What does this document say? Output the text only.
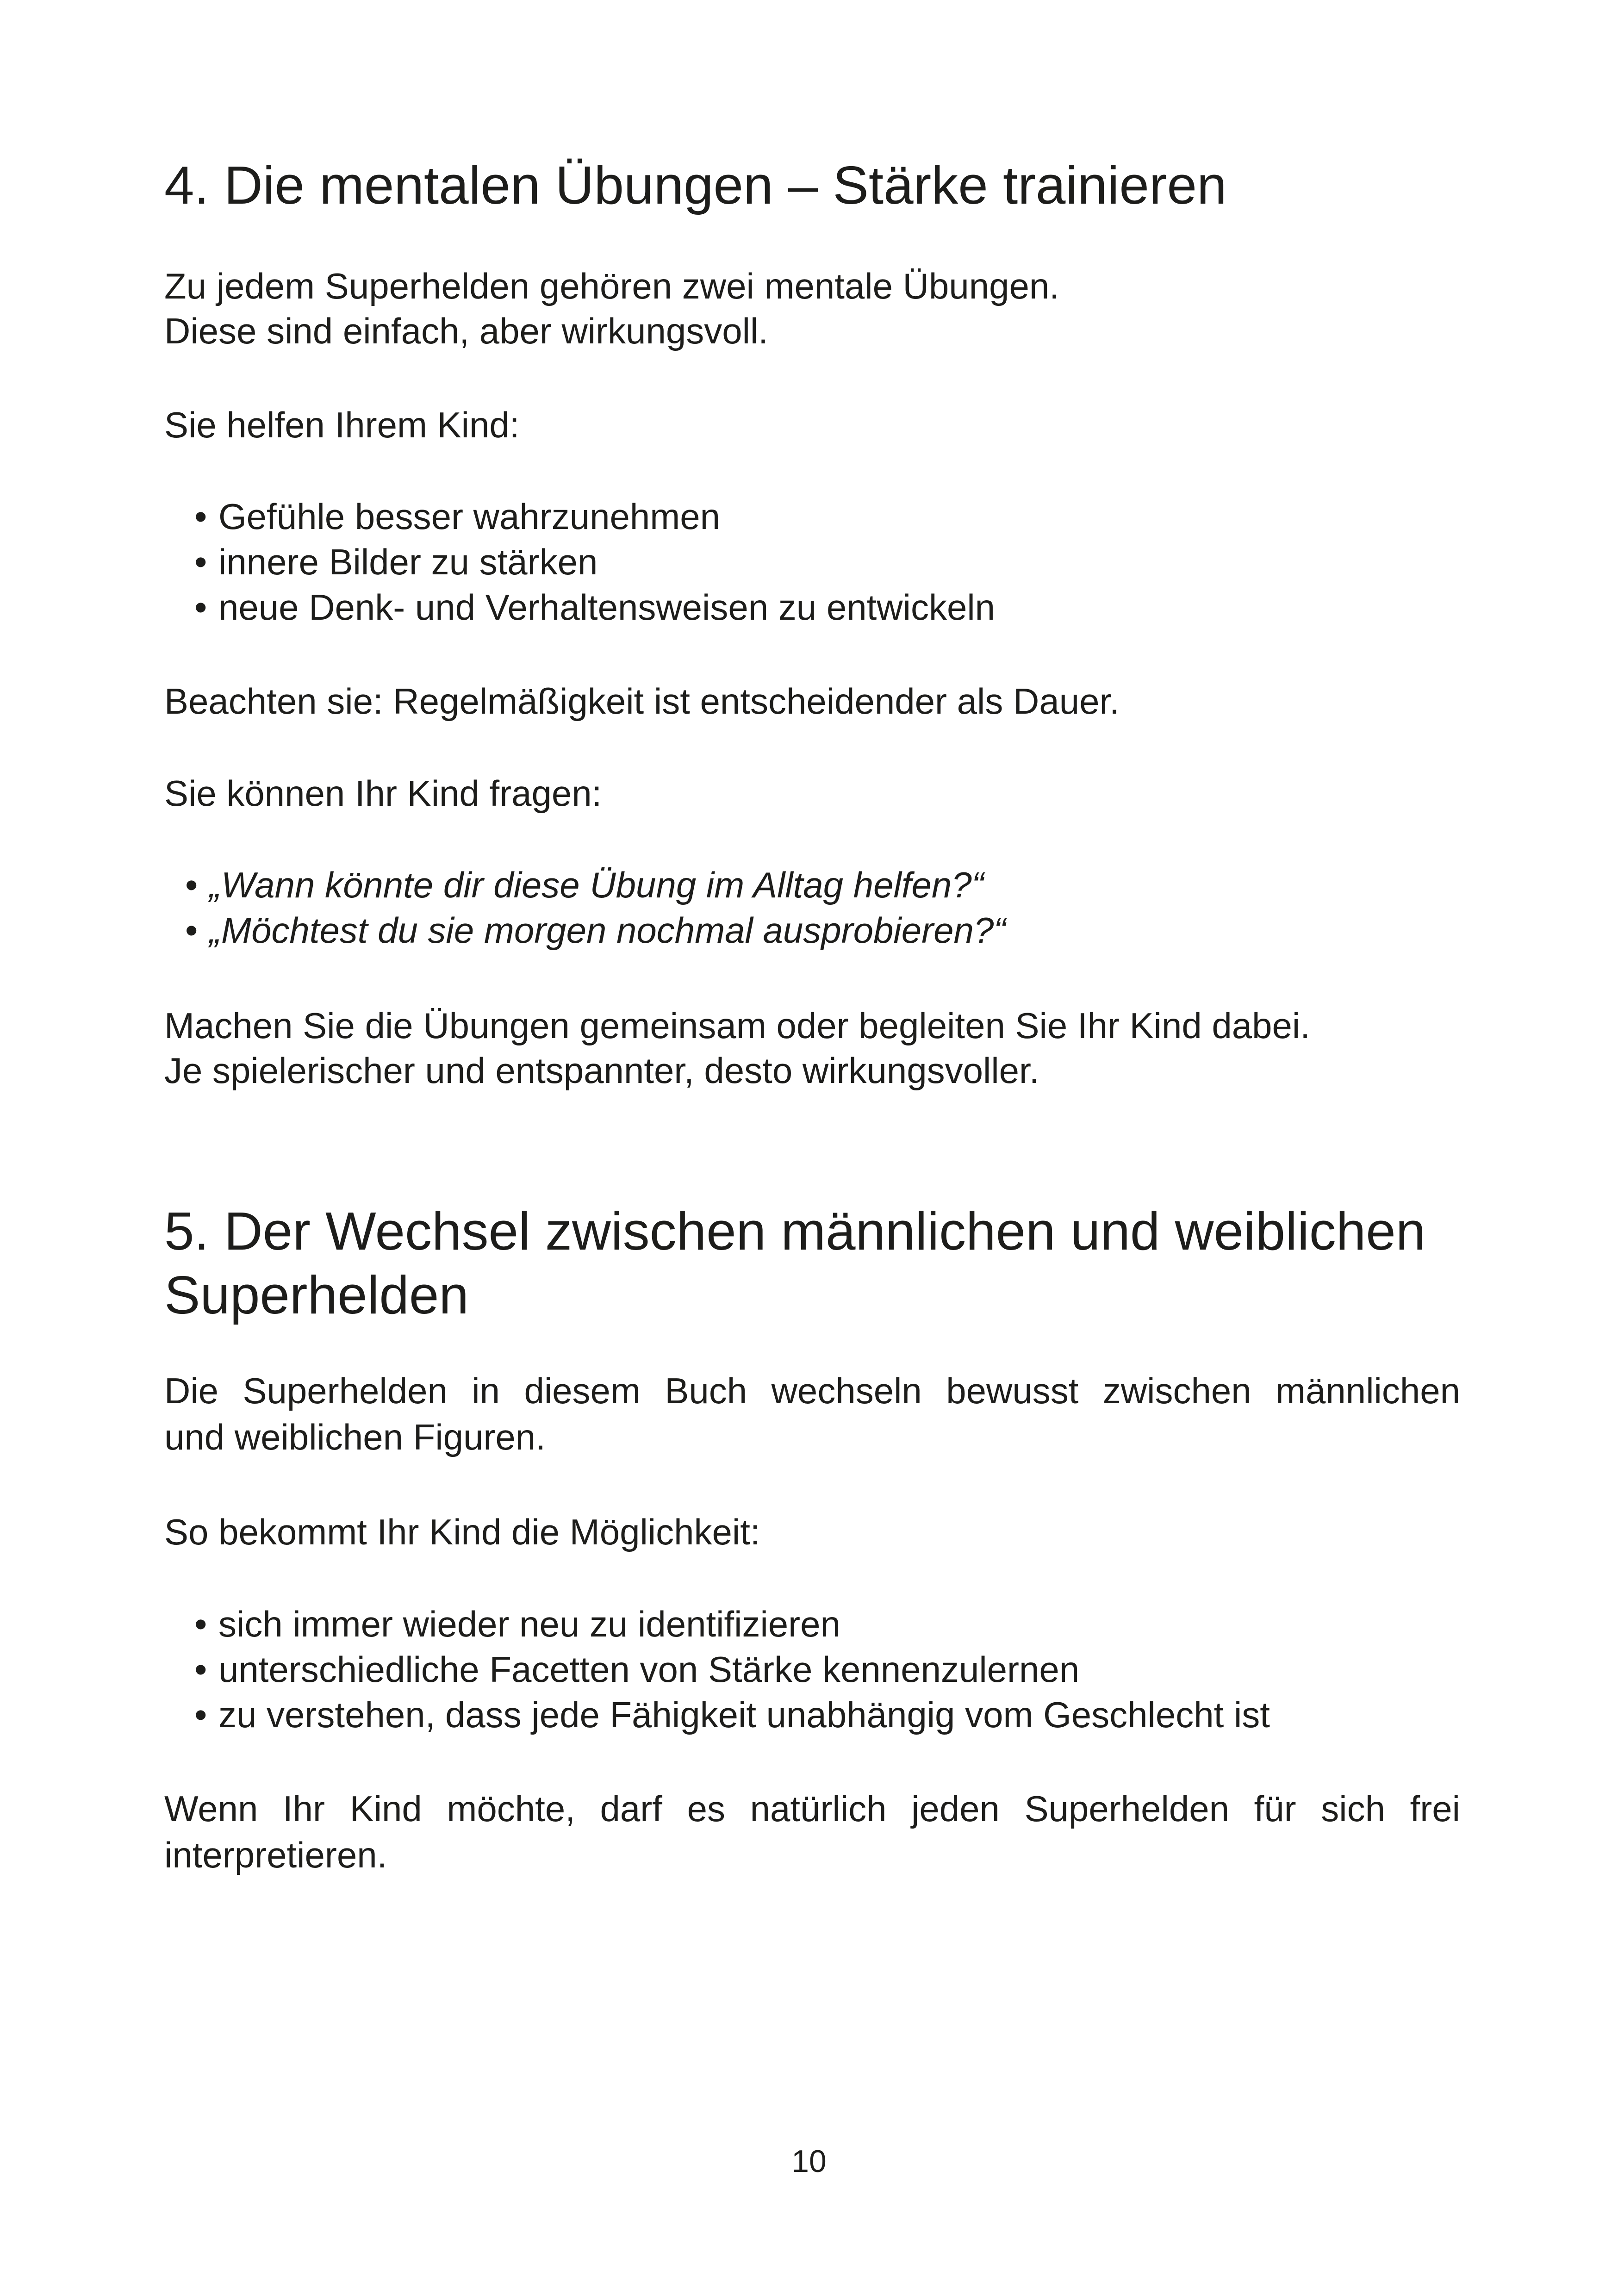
4. Die mentalen Übungen – Stärke trainieren
Zu jedem Superhelden gehören zwei mentale Übungen.
Diese sind einfach, aber wirkungsvoll.
Sie helfen Ihrem Kind:
• Gefühle besser wahrzunehmen
• innere Bilder zu stärken
• neue Denk- und Verhaltensweisen zu entwickeln
Beachten sie: Regelmäßigkeit ist entscheidender als Dauer.
Sie können Ihr Kind fragen:
• „Wann könnte dir diese Übung im Alltag helfen?“
• „Möchtest du sie morgen nochmal ausprobieren?“
Machen Sie die Übungen gemeinsam oder begleiten Sie Ihr Kind dabei.
Je spielerischer und entspannter, desto wirkungsvoller.
5. Der Wechsel zwischen männlichen und weiblichen
Superhelden
Die Superhelden in diesem Buch wechseln bewusst zwischen männlichen
und weiblichen Figuren.
So bekommt Ihr Kind die Möglichkeit:
• sich immer wieder neu zu identifizieren
• unterschiedliche Facetten von Stärke kennenzulernen
• zu verstehen, dass jede Fähigkeit unabhängig vom Geschlecht ist
Wenn Ihr Kind möchte, darf es natürlich jeden Superhelden für sich frei
interpretieren.
10
